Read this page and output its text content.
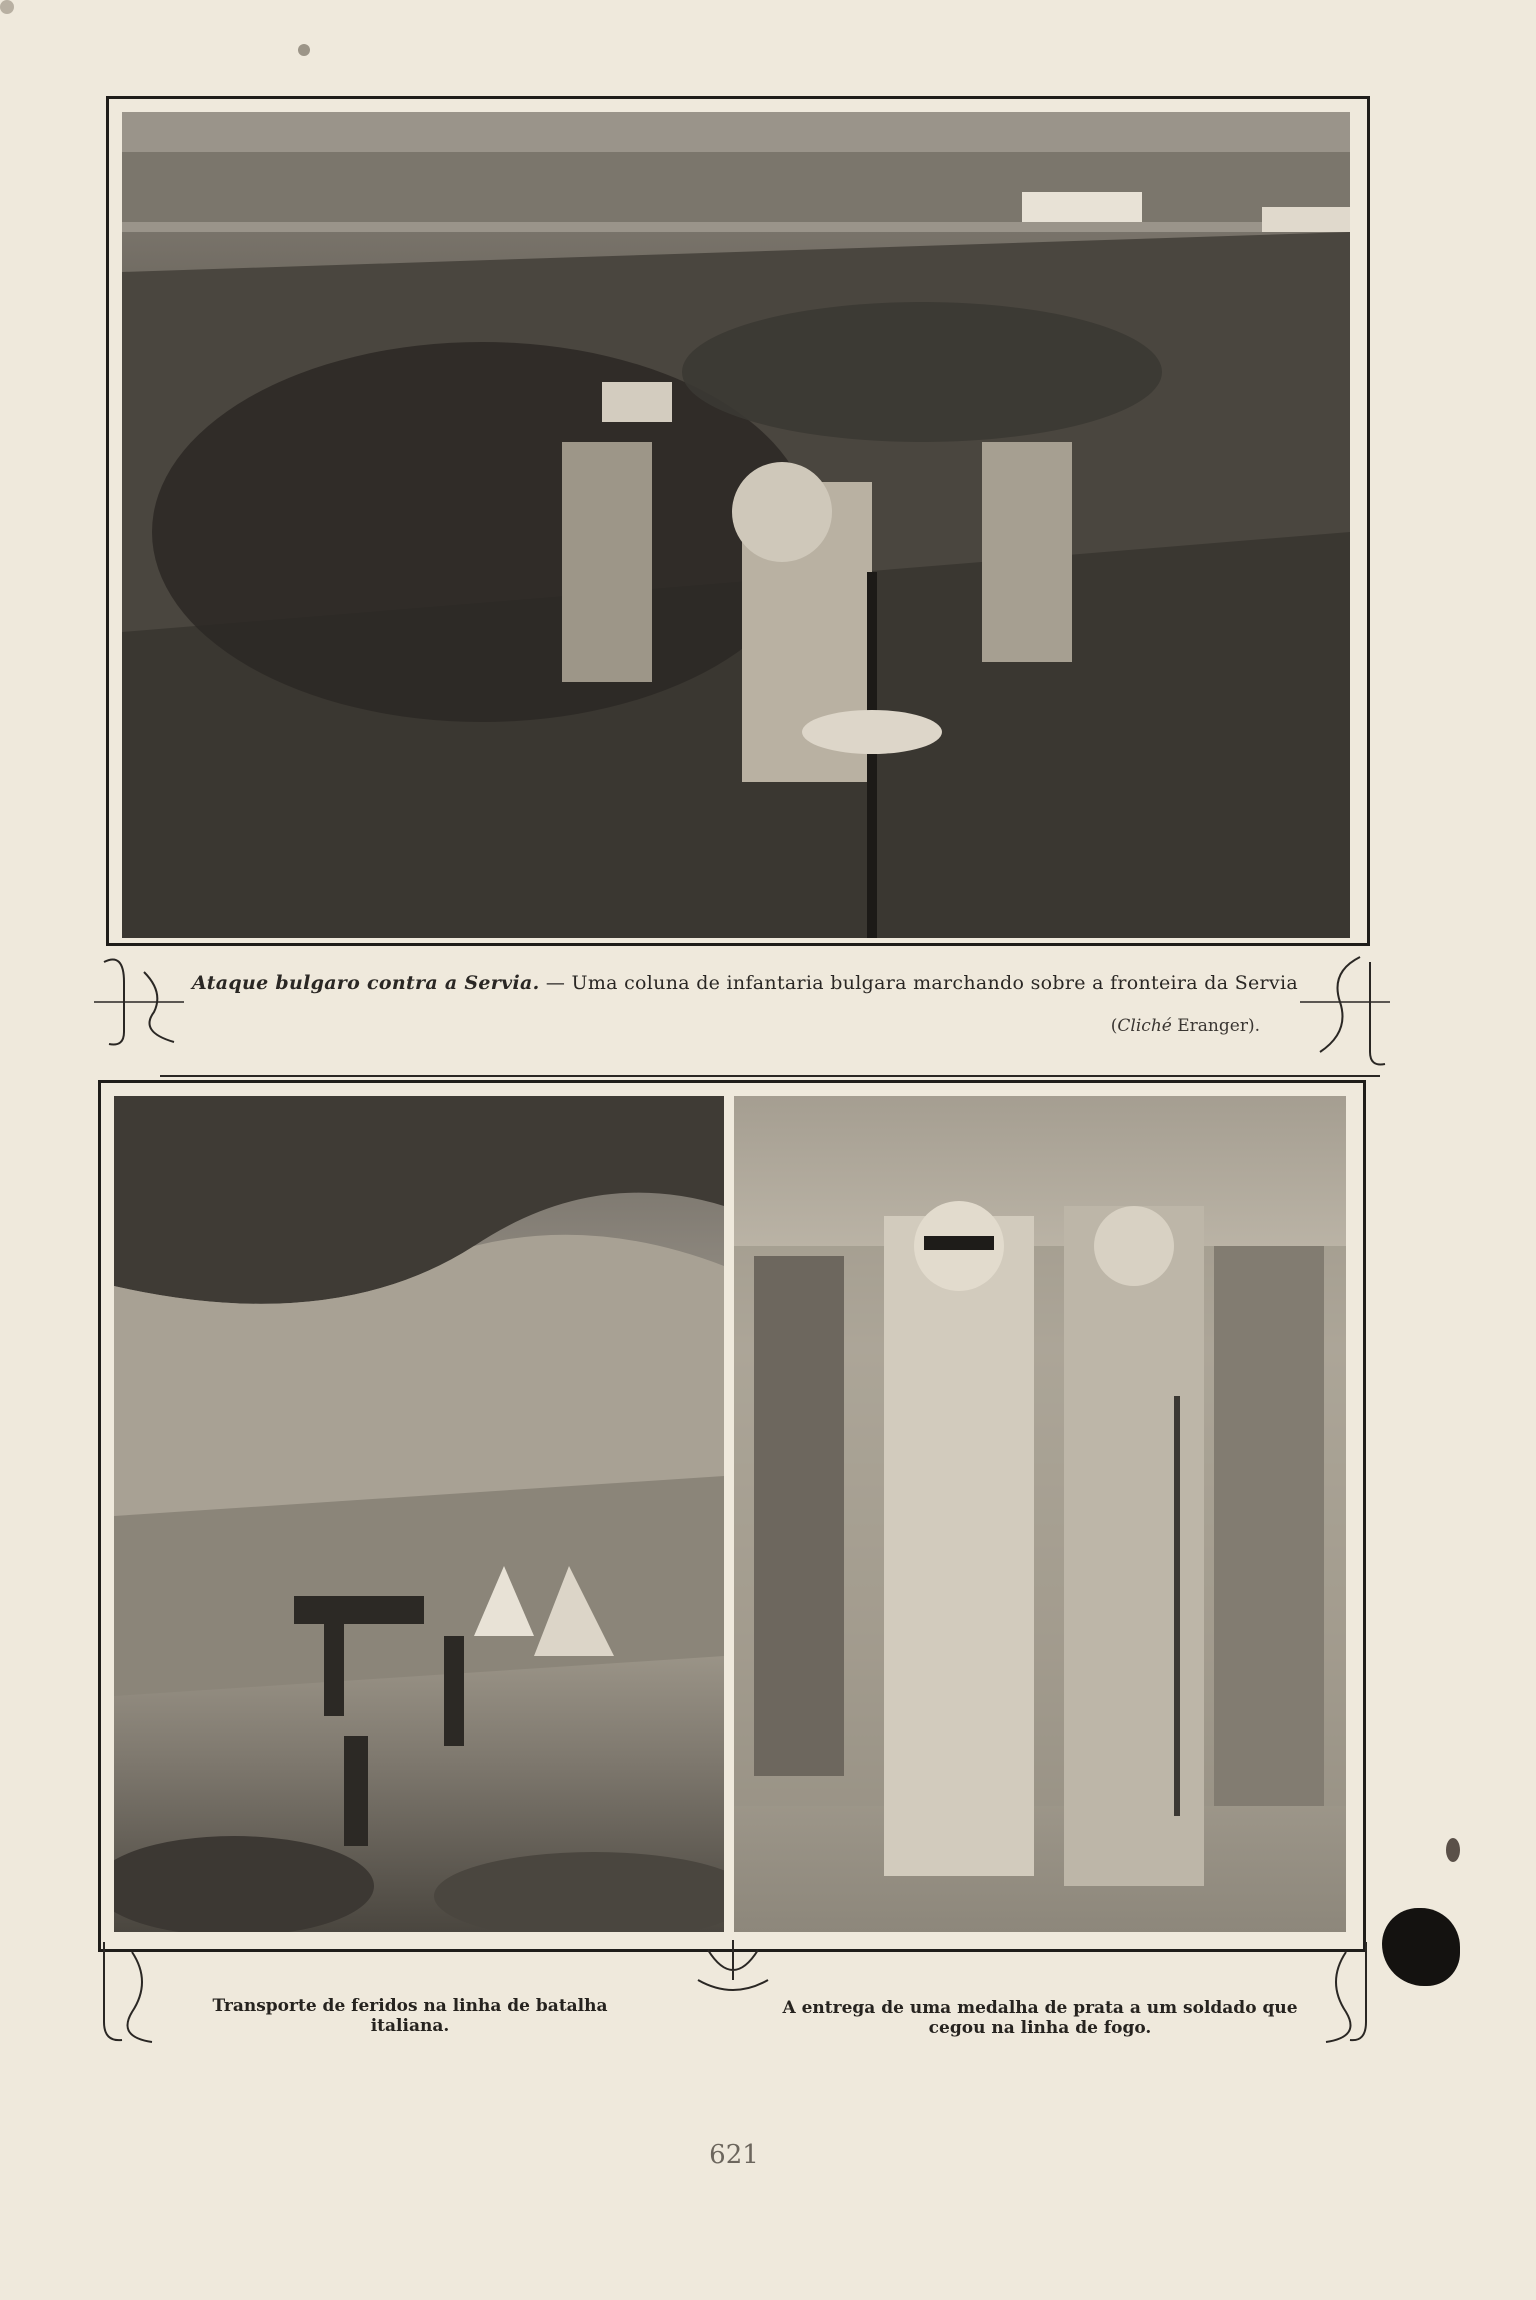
Ataque bulgaro contra a Servia. — Uma coluna de infantaria bulgara marchando sobre a fronteira da Servia
(Cliché Eranger).
Transporte de feridos na linha de batalha
italiana.
A entrega de uma medalha de prata a um soldado que
cegou na linha de fogo.
621
